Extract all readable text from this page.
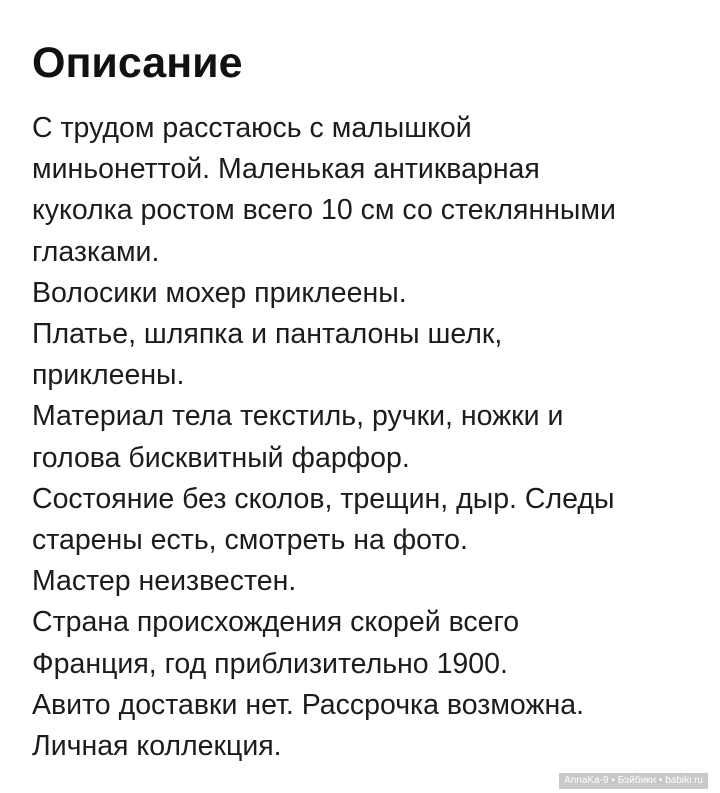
Описание
С трудом расстаюсь с малышкой
миньонеттой. Маленькая антикварная
куколка ростом всего 10 см со стеклянными
глазками.
Волосики мохер приклеены.
Платье, шляпка и панталоны шелк,
приклеены.
Материал тела текстиль, ручки, ножки и
голова бисквитный фарфор.
Состояние без сколов, трещин, дыр. Следы
старены есть, смотреть на фото.
Мастер неизвестен.
Страна происхождения скорей всего
Франция, год приблизительно 1900.
Авито доставки нет. Рассрочка возможна.
Личная коллекция.
AnnaKa-9 • Бэйбики • babiki.ru
